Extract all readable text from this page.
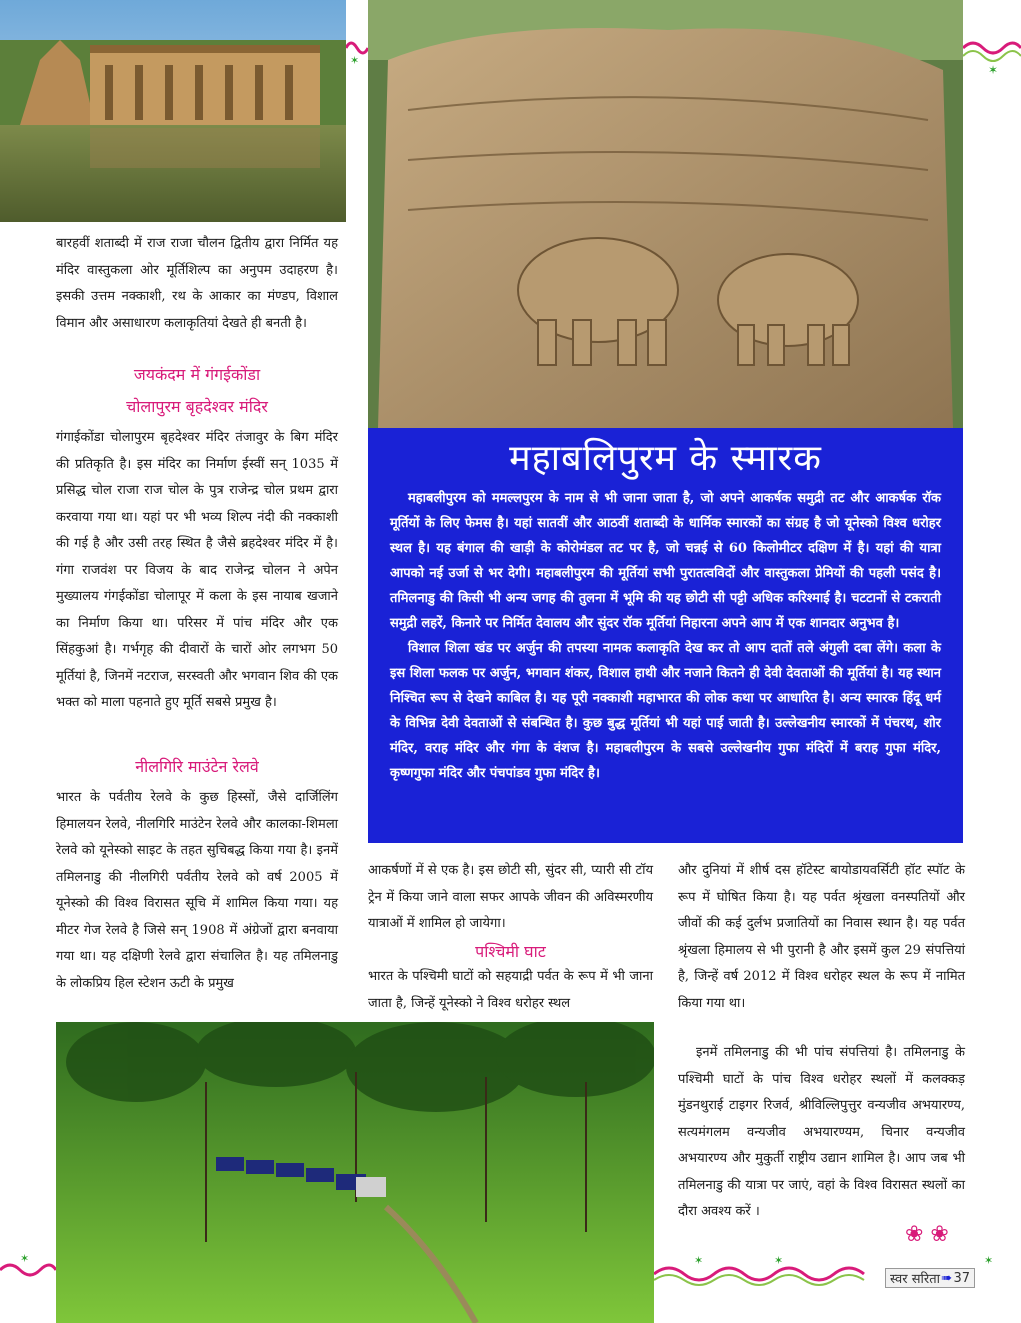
✶
✶
बारहवीं शताब्दी में राज राजा चौलन द्वितीय द्वारा निर्मित यह मंदिर वास्तुकला ओर मूर्तिशिल्प का अनुपम उदाहरण है। इसकी उत्तम नक्काशी, रथ के आकार का मंण्डप, विशाल विमान और असाधारण कलाकृतियां देखते ही बनती है।
जयकंदम में गंगईकोंडा
चोलापुरम बृहदेश्वर मंदिर
गंगाईकोंडा चोलापुरम बृहदेश्वर मंदिर तंजावुर के बिग मंदिर की प्रतिकृति है। इस मंदिर का निर्माण ईस्वीं सन् 1035 में प्रसिद्ध चोल राजा राज चोल के पुत्र राजेन्द्र चोल प्रथम द्वारा करवाया गया था। यहां पर भी भव्य शिल्प नंदी की नक्काशी की गई है और उसी तरह स्थित है जैसे ब्रहदेश्वर मंदिर में है। गंगा राजवंश पर विजय के बाद राजेन्द्र चोलन ने अपेन मुख्यालय गंगईकोंडा चोलापूर में कला के इस नायाब खजाने का निर्माण किया था। परिसर में पांच मंदिर और एक सिंहकुआं है। गर्भगृह की दीवारों के चारों ओर लगभग 50 मूर्तियां है, जिनमें नटराज, सरस्वती और भगवान शिव की एक भक्त को माला पहनाते हुए मूर्ति सबसे प्रमुख है।
नीलगिरि माउंटेन रेलवे
भारत के पर्वतीय रेलवे के कुछ हिस्सों, जैसे दार्जिलिंग हिमालयन रेलवे, नीलगिरि माउंटेन रेलवे और कालका-शिमला रेलवे को यूनेस्को साइट के तहत सुचिबद्ध किया गया है। इनमें तमिलनाडु की नीलगिरी पर्वतीय रेलवे को वर्ष 2005 में यूनेस्को की विश्व विरासत सूचि में शामिल किया गया। यह मीटर गेज रेलवे है जिसे सन् 1908 में अंग्रेजों द्वारा बनवाया गया था। यह दक्षिणी रेलवे द्वारा संचालित है। यह तमिलनाडु के लोकप्रिय हिल स्टेशन ऊटी के प्रमुख
महाबलिपुरम के स्मारक

महाबलीपुरम को ममल्लपुरम के नाम से भी जाना जाता है, जो अपने आकर्षक समुद्री तट और आकर्षक रॉक मूर्तियों के लिए फेमस है। यहां सातवीं और आठवीं शताब्दी के धार्मिक स्मारकों का संग्रह है जो यूनेस्को विश्व धरोहर स्थल है। यह बंगाल की खाड़ी के कोरोमंडल तट पर है, जो चन्नई से 60 किलोमीटर दक्षिण में है। यहां की यात्रा आपको नई उर्जा से भर देगी। महाबलीपुरम की मूर्तियां सभी पुरातत्वविदों और वास्तुकला प्रेमियों की पहली पसंद है। तमिलनाडु की किसी भी अन्य जगह की तुलना में भूमि की यह छोटी सी पट्टी अधिक करिश्माई है। चटटानों से टकराती समुद्री लहरें, किनारे पर निर्मित देवालय और सुंदर रॉक मूर्तियां निहारना अपने आप में एक शानदार अनुभव है।

विशाल शिला खंड पर अर्जुन की तपस्या नामक कलाकृति देख कर तो आप दातों तले अंगुली दबा लेंगे। कला के इस शिला फलक पर अर्जुन, भगवान शंकर, विशाल हाथी और नजाने कितने ही देवी देवताओं की मूर्तियां है। यह स्थान निश्चित रूप से देखने काबिल है। यह पूरी नक्काशी महाभारत की लोक कथा पर आधारित है। अन्य स्मारक हिंदू धर्म के विभिन्न देवी देवताओं से संबन्धित है। कुछ बुद्ध मूर्तियां भी यहां पाई जाती है। उल्लेखनीय स्मारकों में पंचरथ, शोर मंदिर, वराह मंदिर और गंगा के वंशज है। महाबलीपुरम के सबसे उल्लेखनीय गुफा मंदिरों में बराह गुफा मंदिर, कृष्णगुफा मंदिर और पंचपांडव गुफा मंदिर है।

आकर्षणों में से एक है। इस छोटी सी, सुंदर सी, प्यारी सी टॉय ट्रेन में किया जाने वाला सफर आपके जीवन की अविस्मरणीय यात्राओं में शामिल हो जायेगा।
पश्चिमी घाट
भारत के पश्चिमी घाटों को सहयाद्री पर्वत के रूप में भी जाना जाता है, जिन्हें यूनेस्को ने विश्व धरोहर स्थल
और दुनियां में शीर्ष दस हॉटेस्ट बायोडायवर्सिटी हॉट स्पॉट के रूप में घोषित किया है। यह पर्वत श्रृंखला वनस्पतियों और जीवों की कई दुर्लभ प्रजातियों का निवास स्थान है। यह पर्वत श्रृंखला हिमालय से भी पुरानी है और इसमें कुल 29 संपत्तियां है, जिन्हें वर्ष 2012 में विश्व धरोहर स्थल के रूप में नामित किया गया था।
इनमें तमिलनाडु की भी पांच संपत्तियां है। तमिलनाडु के पश्चिमी घाटों के पांच विश्व धरोहर स्थलों में कलक्कड़ मुंडनथुराई टाइगर रिजर्व, श्रीविल्लिपुत्तुर वन्यजीव अभयारण्य, सत्यमंगलम वन्यजीव अभयारण्यम, चिनार वन्यजीव अभयारण्य और मुकुर्ती राष्ट्रीय उद्यान शामिल है। आप जब भी तमिलनाडु की यात्रा पर जाएं, वहां के विश्व विरासत स्थलों का दौरा अवश्य करें ।
❀ ❀
✶	✶	✶	✶
स्वर सरिता ➠ 37
